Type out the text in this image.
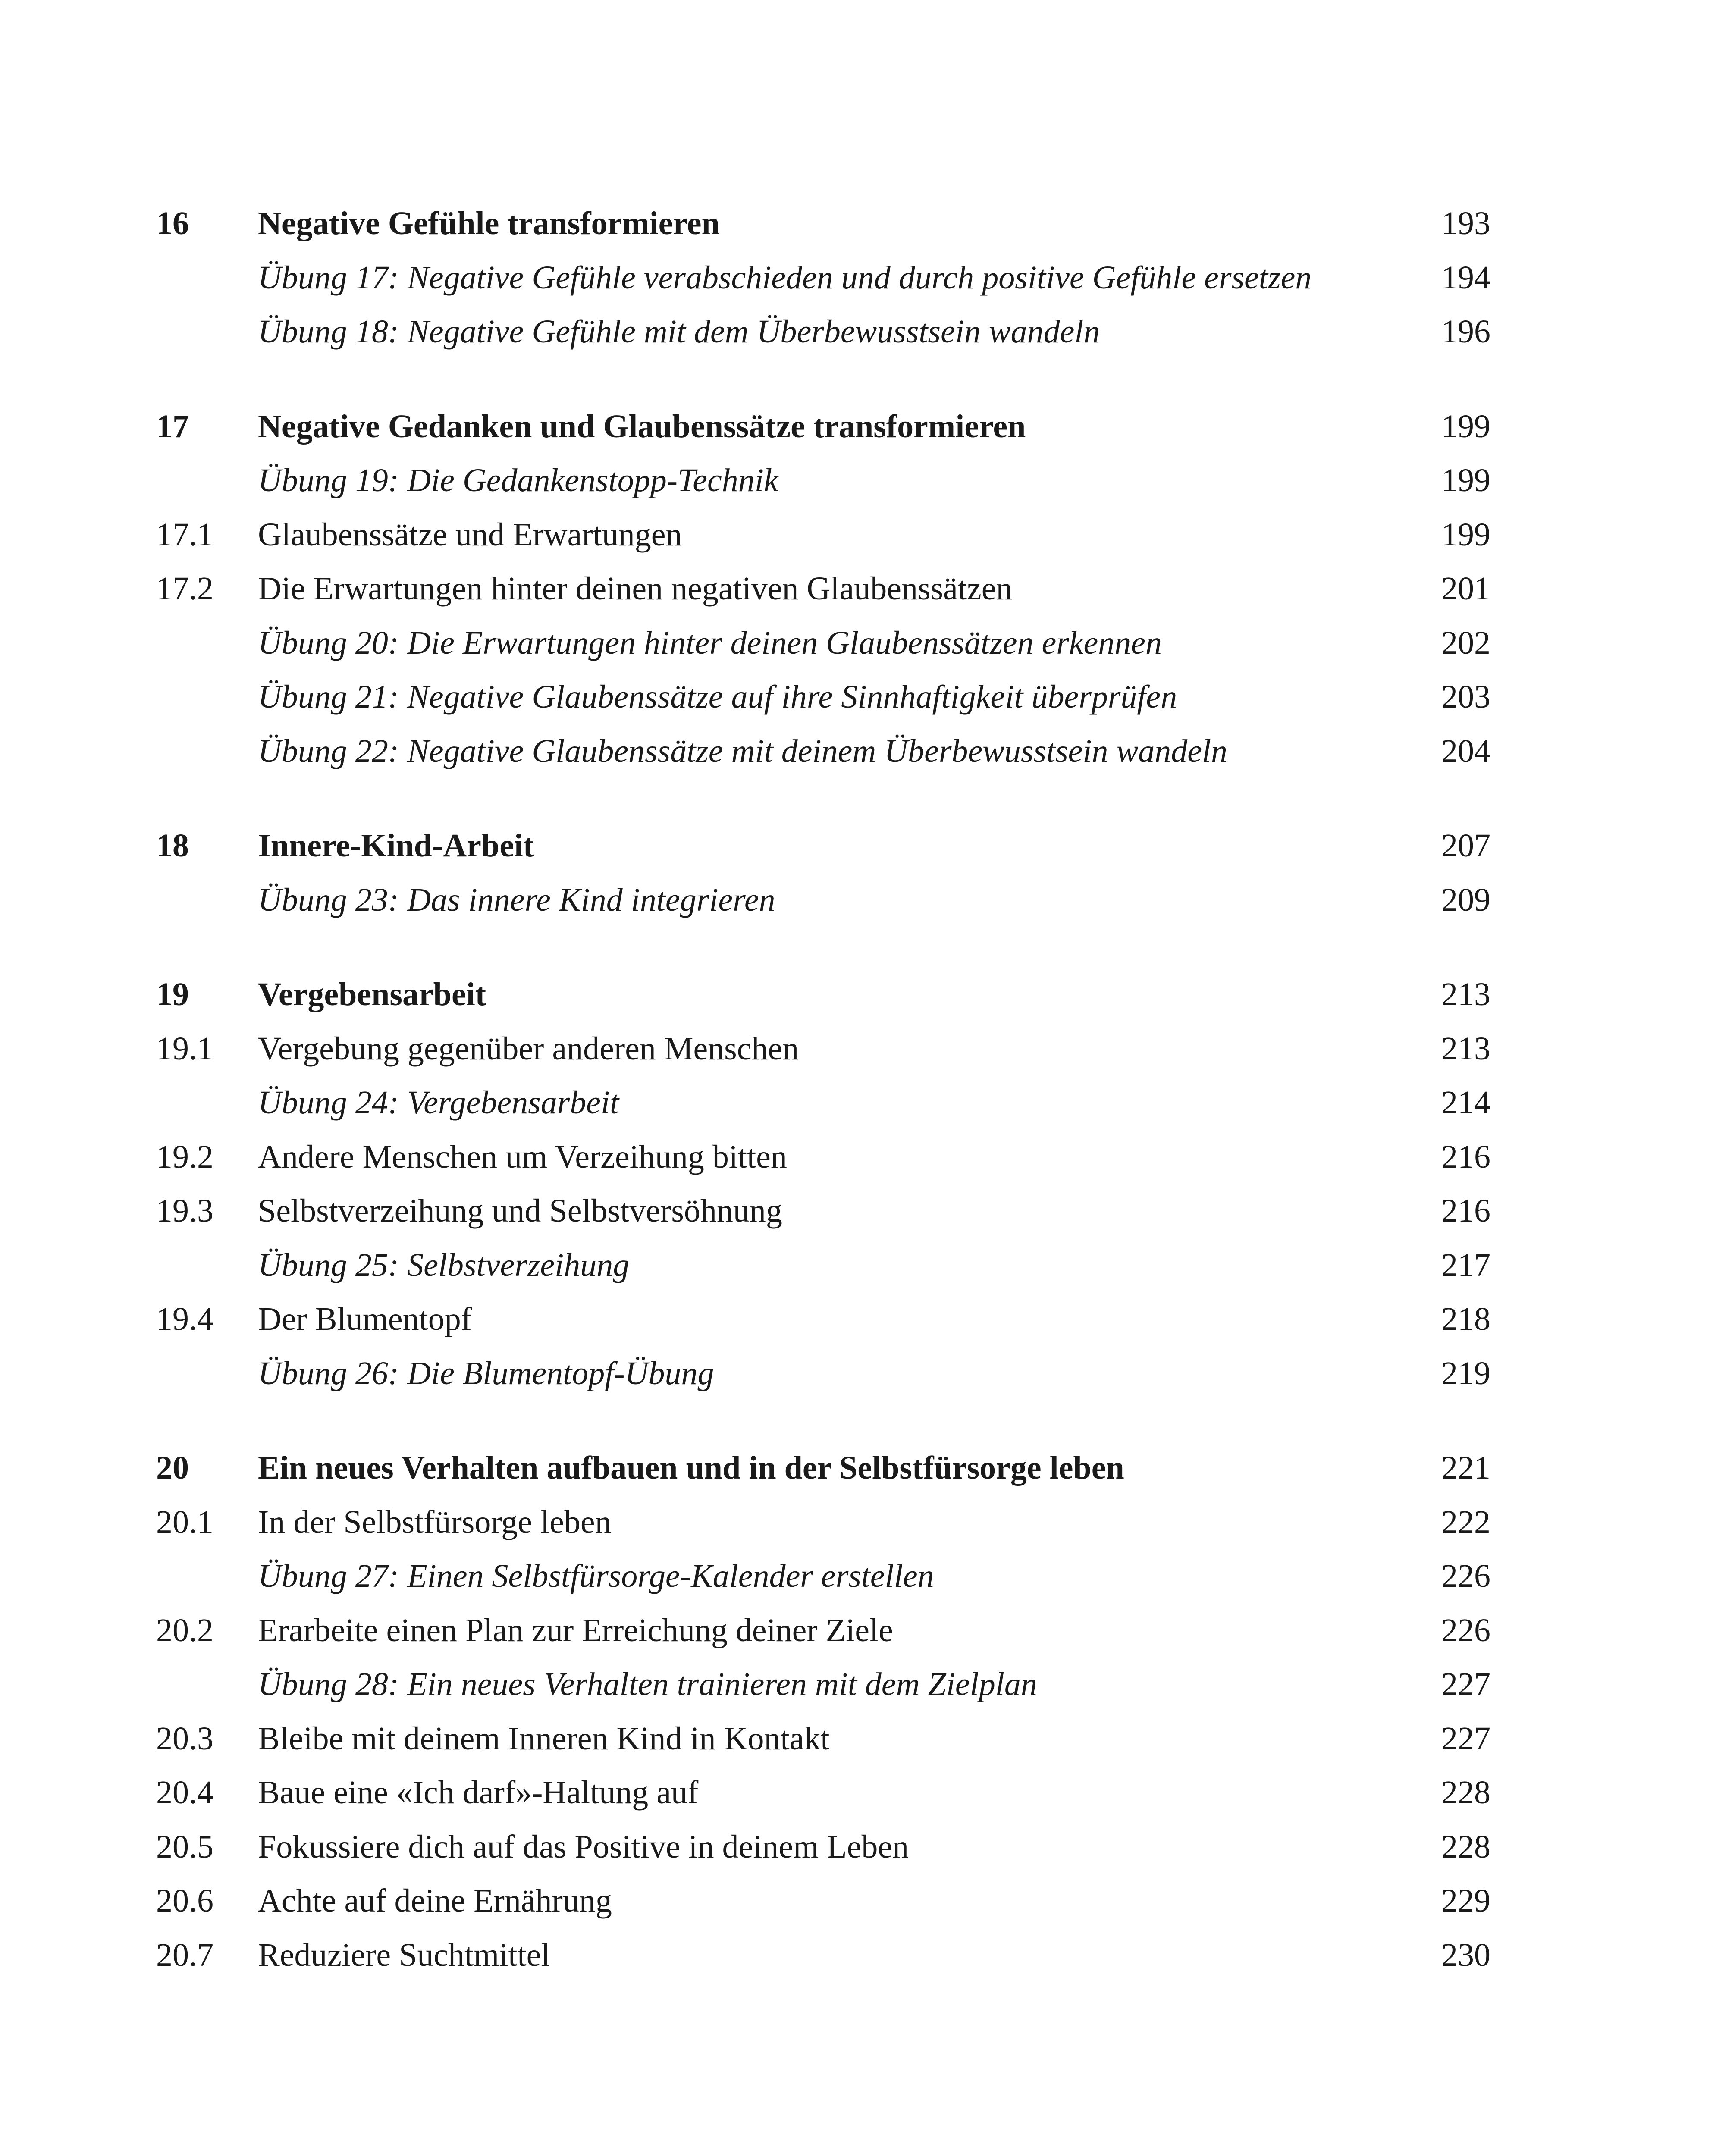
16 Negative Gefühle transformieren	193
Übung 17: Negative Gefühle verabschieden und durch positive Gefühle ersetzen	194
Übung 18: Negative Gefühle mit dem Überbewusstsein wandeln	196
17 Negative Gedanken und Glaubenssätze transformieren	199
Übung 19: Die Gedankenstopp-Technik	199
17.1 Glaubenssätze und Erwartungen	199
17.2 Die Erwartungen hinter deinen negativen Glaubenssätzen	201
Übung 20: Die Erwartungen hinter deinen Glaubenssätzen erkennen	202
Übung 21: Negative Glaubenssätze auf ihre Sinnhaftigkeit überprüfen	203
Übung 22: Negative Glaubenssätze mit deinem Überbewusstsein wandeln	204
18 Innere-Kind-Arbeit	207
Übung 23: Das innere Kind integrieren	209
19 Vergebensarbeit	213
19.1 Vergebung gegenüber anderen Menschen	213
Übung 24: Vergebensarbeit	214
19.2 Andere Menschen um Verzeihung bitten	216
19.3 Selbstverzeihung und Selbstversöhnung	216
Übung 25: Selbstverzeihung	217
19.4 Der Blumentopf	218
Übung 26: Die Blumentopf-Übung	219
20 Ein neues Verhalten aufbauen und in der Selbstfürsorge leben	221
20.1 In der Selbstfürsorge leben	222
Übung 27: Einen Selbstfürsorge-Kalender erstellen	226
20.2 Erarbeite einen Plan zur Erreichung deiner Ziele	226
Übung 28: Ein neues Verhalten trainieren mit dem Zielplan	227
20.3 Bleibe mit deinem Inneren Kind in Kontakt	227
20.4 Baue eine «Ich darf»-Haltung auf	228
20.5 Fokussiere dich auf das Positive in deinem Leben	228
20.6 Achte auf deine Ernährung	229
20.7 Reduziere Suchtmittel	230
